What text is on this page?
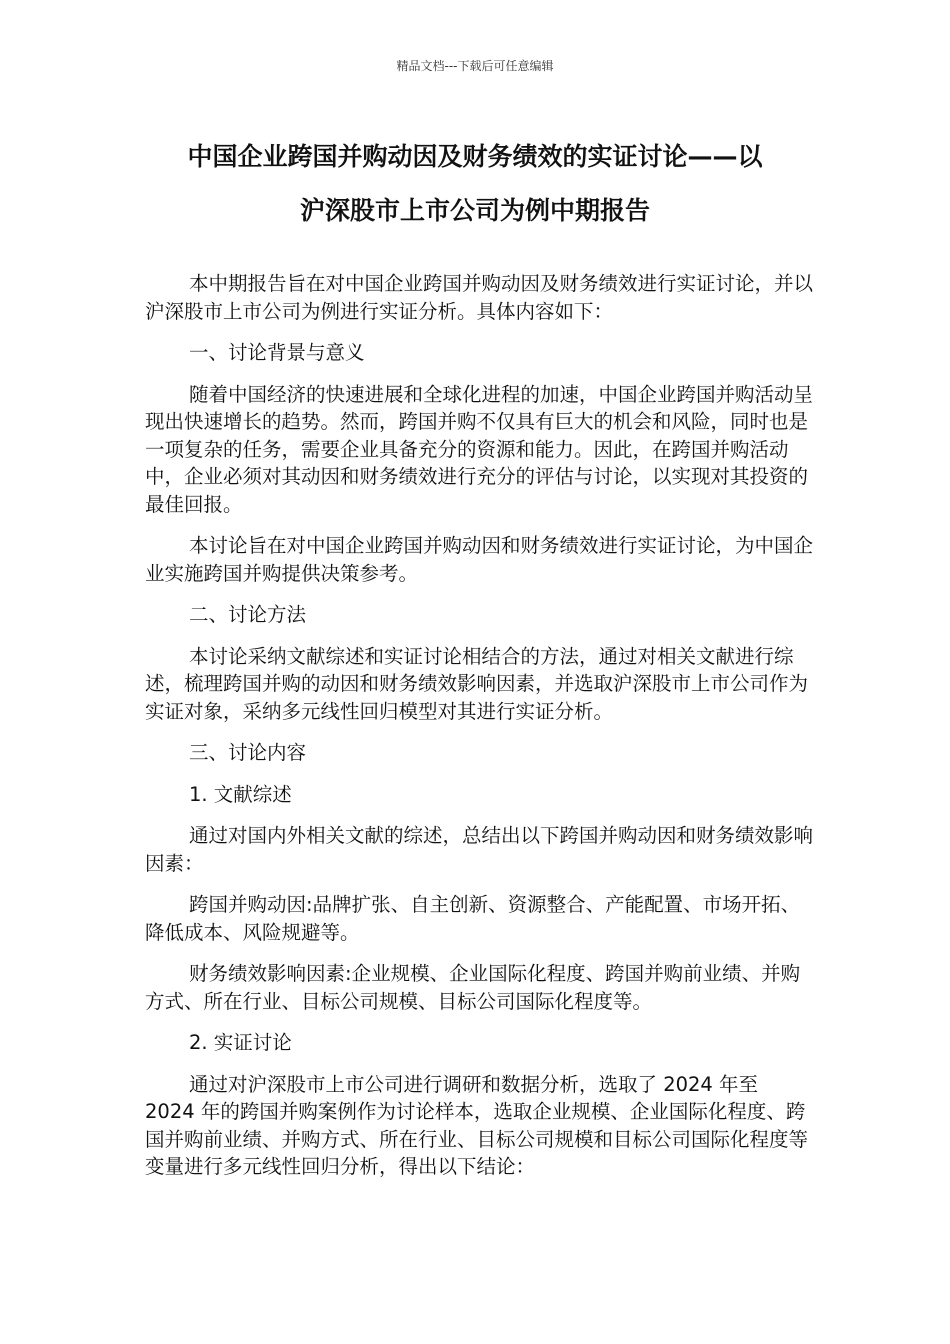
精品文档---下载后可任意编辑
中国企业跨国并购动因及财务绩效的实证讨论——以
沪深股市上市公司为例中期报告

本中期报告旨在对中国企业跨国并购动因及财务绩效进行实证讨论，并以沪深股市上市公司为例进行实证分析。具体内容如下：

一、讨论背景与意义

随着中国经济的快速进展和全球化进程的加速，中国企业跨国并购活动呈现出快速增长的趋势。然而，跨国并购不仅具有巨大的机会和风险，同时也是一项复杂的任务，需要企业具备充分的资源和能力。因此，在跨国并购活动中，企业必须对其动因和财务绩效进行充分的评估与讨论，以实现对其投资的最佳回报。

本讨论旨在对中国企业跨国并购动因和财务绩效进行实证讨论，为中国企业实施跨国并购提供决策参考。

二、讨论方法

本讨论采纳文献综述和实证讨论相结合的方法，通过对相关文献进行综述，梳理跨国并购的动因和财务绩效影响因素，并选取沪深股市上市公司作为实证对象，采纳多元线性回归模型对其进行实证分析。

三、讨论内容

1. 文献综述

通过对国内外相关文献的综述，总结出以下跨国并购动因和财务绩效影响因素：

跨国并购动因:品牌扩张、自主创新、资源整合、产能配置、市场开拓、降低成本、风险规避等。

财务绩效影响因素:企业规模、企业国际化程度、跨国并购前业绩、并购方式、所在行业、目标公司规模、目标公司国际化程度等。

2. 实证讨论

通过对沪深股市上市公司进行调研和数据分析，选取了 2024 年至 2024 年的跨国并购案例作为讨论样本，选取企业规模、企业国际化程度、跨国并购前业绩、并购方式、所在行业、目标公司规模和目标公司国际化程度等变量进行多元线性回归分析，得出以下结论：
